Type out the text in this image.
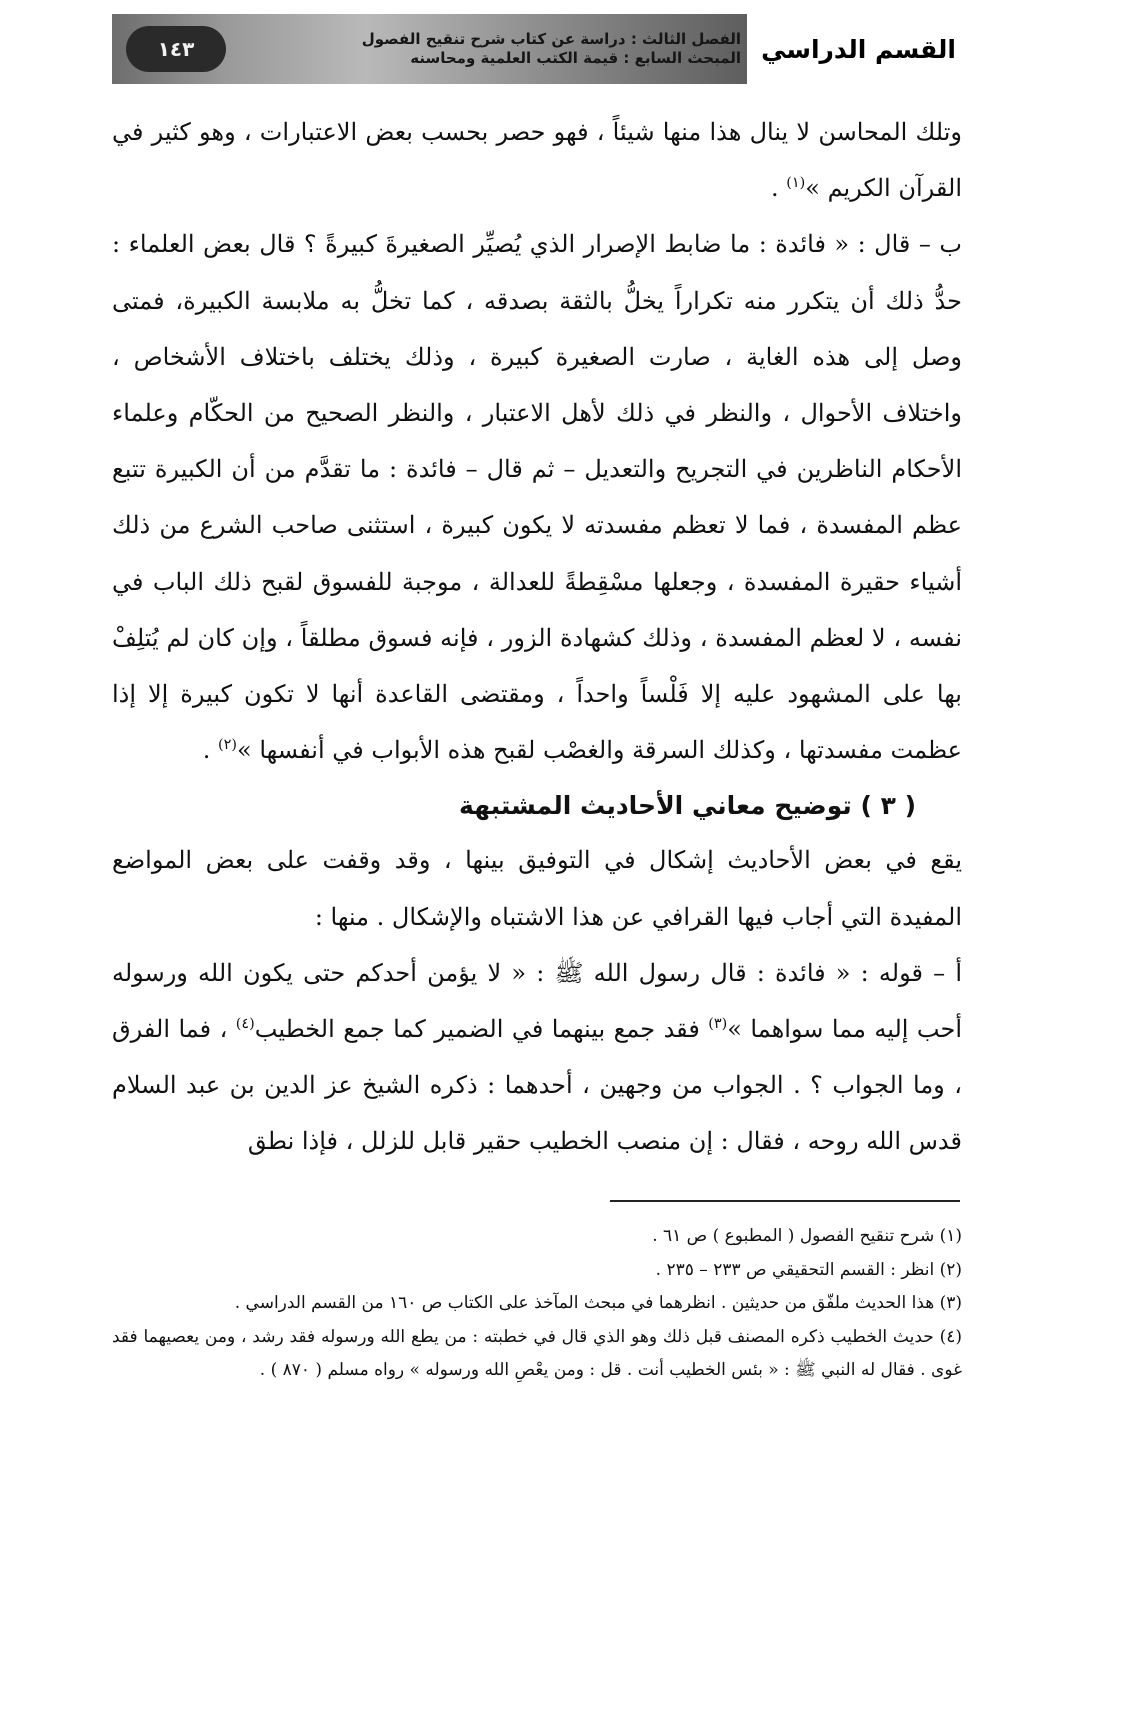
القسم الدراسي
الفصل الثالث : دراسة عن كتاب شرح تنقيح الفصول
المبحث السابع : قيمة الكتب العلمية ومحاسنه
١٤٣

وتلك المحاسن لا ينال هذا منها شيئاً ، فهو حصر بحسب بعض الاعتبارات ، وهو كثير في القرآن الكريم »$^{(١)}$ .

ب – قال : « فائدة : ما ضابط الإصرار الذي يُصيِّر الصغيرةَ كبيرةً ؟ قال بعض العلماء : حدُّ ذلك أن يتكرر منه تكراراً يخلُّ بالثقة بصدقه ، كما تخلُّ به ملابسة الكبيرة، فمتى وصل إلى هذه الغاية ، صارت الصغيرة كبيرة ، وذلك يختلف باختلاف الأشخاص ، واختلاف الأحوال ، والنظر في ذلك لأهل الاعتبار ، والنظر الصحيح من الحكّام وعلماء الأحكام الناظرين في التجريح والتعديل – ثم قال – فائدة : ما تقدَّم من أن الكبيرة تتبع عظم المفسدة ، فما لا تعظم مفسدته لا يكون كبيرة ، استثنى صاحب الشرع من ذلك أشياء حقيرة المفسدة ، وجعلها مسْقِطةً للعدالة ، موجبة للفسوق لقبح ذلك الباب في نفسه ، لا لعظم المفسدة ، وذلك كشهادة الزور ، فإنه فسوق مطلقاً ، وإن كان لم يُتلِفْ بها على المشهود عليه إلا فَلْساً واحداً ، ومقتضى القاعدة أنها لا تكون كبيرة إلا إذا عظمت مفسدتها ، وكذلك السرقة والغصْب لقبح هذه الأبواب في أنفسها »$^{(٢)}$ .

( ٣ ) توضيح معاني الأحاديث المشتبهة

يقع في بعض الأحاديث إشكال في التوفيق بينها ، وقد وقفت على بعض المواضع المفيدة التي أجاب فيها القرافي عن هذا الاشتباه والإشكال . منها :

أ – قوله : « فائدة : قال رسول الله ﷺ : « لا يؤمن أحدكم حتى يكون الله ورسوله أحب إليه مما سواهما »$^{(٣)}$ فقد جمع بينهما في الضمير كما جمع الخطيب$^{(٤)}$ ، فما الفرق ، وما الجواب ؟ . الجواب من وجهين ، أحدهما : ذكره الشيخ عز الدين بن عبد السلام قدس الله روحه ، فقال : إن منصب الخطيب حقير قابل للزلل ، فإذا نطق

(١) شرح تنقيح الفصول ( المطبوع ) ص ٦١ .

(٢) انظر : القسم التحقيقي ص ٢٣٣ – ٢٣٥ .

(٣) هذا الحديث ملفّق من حديثين . انظرهما في مبحث المآخذ على الكتاب ص ١٦٠ من القسم الدراسي .

(٤) حديث الخطيب ذكره المصنف قبل ذلك وهو الذي قال في خطبته : من يطع الله ورسوله فقد رشد ، ومن يعصيهما فقد غوى . فقال له النبي ﷺ : « بئس الخطيب أنت . قل : ومن يعْصِ الله ورسوله » رواه مسلم ( ٨٧٠ ) .
